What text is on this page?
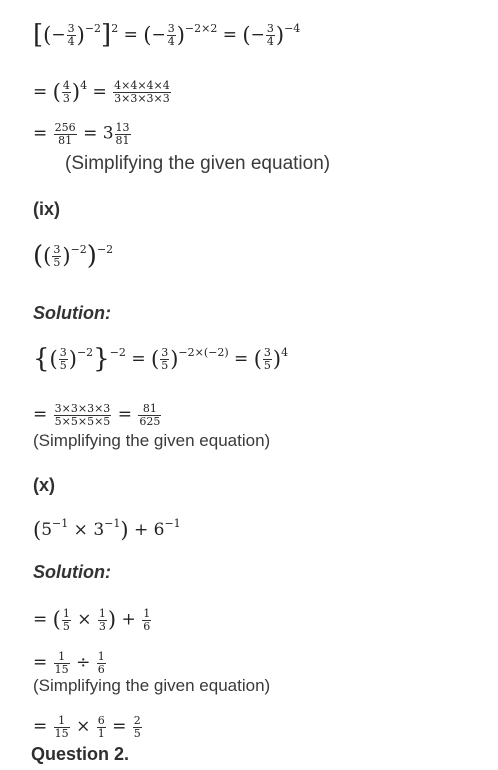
[(− $\frac{3}{4} )^{-2}]^2$ = (− $\frac{3}{4} )^{-2\times 2}$ = (− $\frac{3}{4} )^{-4}$
= ( $\frac{4}{3} )^4 = \frac{4\times 4\times 4\times 4}{3\times 3\times 3\times 3}$
= $\frac{256}{81} = 3 \frac{13}{81}$
(Simplifying the given equation)
(ix)
(( $\frac{3}{5} )^{-2})^{-2}$
Solution:
{( $\frac{3}{5} )^{-2}\}^{-2}$ = ( $\frac{3}{5} )^{-2\times(-2)}$ = ( $\frac{3}{5} )^4$
= $\frac{3\times 3\times 3\times 3}{5\times 5\times 5\times 5} = \frac{81}{625}$
(Simplifying the given equation)
(x)
$(5^{-1} \times 3^{-1}) + 6^{-1}$
Solution:
= ( $\frac{1}{5} \times \frac{1}{3}$ ) + $\frac{1}{6}$
= $\frac{1}{15} \div \frac{1}{6}$
(Simplifying the given equation)
= $\frac{1}{15} \times \frac{6}{1} = \frac{2}{5}$
Question 2.
